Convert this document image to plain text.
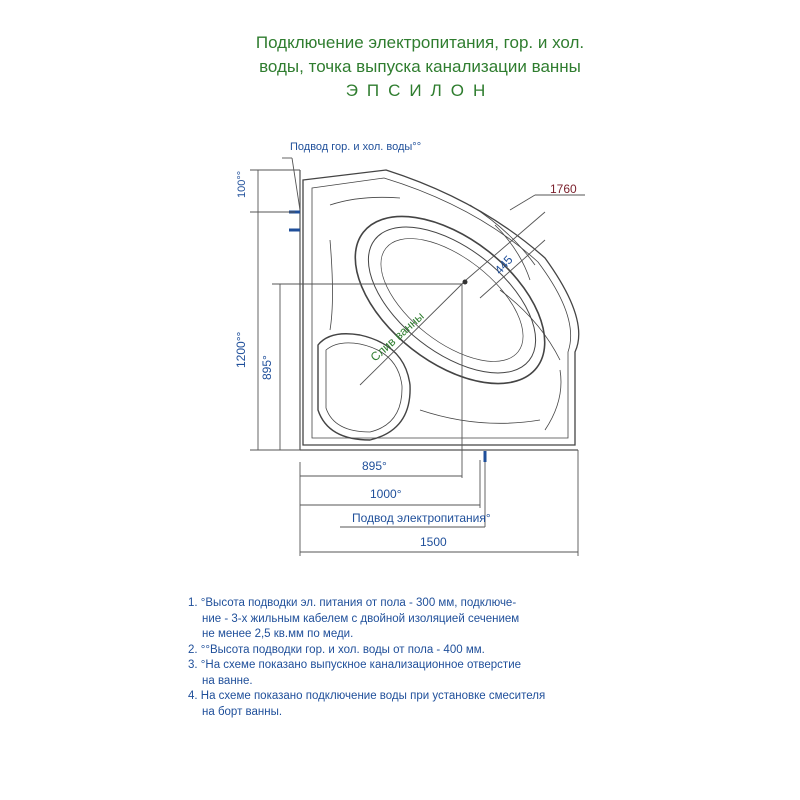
Подключение электропитания, гор. и хол.
воды, точка выпуска канализации ванны
ЭПСИЛОН
Подвод гор. и хол. воды°°
1760
445
Слив ванны
100°°
1200°° 895°
895°
1000°
Подвод электропитания°
1500
1. °Высота подводки эл. питания от пола - 300 мм, подключе-
ние - 3-х жильным кабелем с двойной изоляцией сечением
не менее 2,5 кв.мм по меди.
2. °°Высота подводки гор. и хол. воды от пола - 400 мм.
3. °На схеме показано выпускное канализационное отверстие
на ванне.
4. На схеме показано подключение воды при установке смесителя
на борт ванны.
